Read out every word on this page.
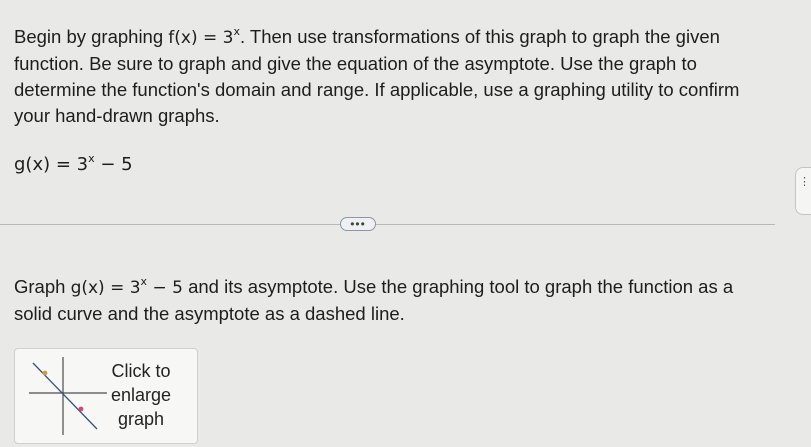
Begin by graphing $f(x) = 3^x$. Then use transformations of this graph to graph the given function. Be sure to graph and give the equation of the asymptote. Use the graph to determine the function's domain and range. If applicable, use a graphing utility to confirm your hand-drawn graphs.
$g(x) = 3^x - 5$
⋮
•••
Graph $g(x) = 3^x - 5$ and its asymptote. Use the graphing tool to graph the function as a solid curve and the asymptote as a dashed line.
Click to
enlarge
graph
